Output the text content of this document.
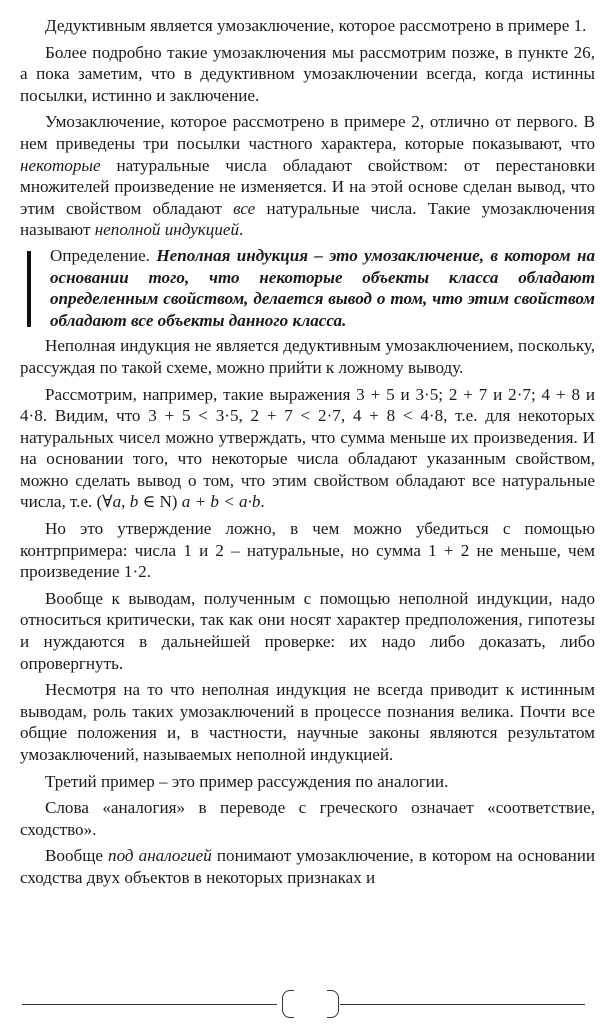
Дедуктивным является умозаключение, которое рассмотрено в примере 1.

Более подробно такие умозаключения мы рассмотрим позже, в пункте 26, а пока заметим, что в дедуктивном умозаключении всегда, когда истинны посылки, истинно и заключение.

Умозаключение, которое рассмотрено в примере 2, отлично от первого. В нем приведены три посылки частного характера, которые показывают, что некоторые натуральные числа обладают свойством: от перестановки множителей произведение не изменяется. И на этой основе сделан вывод, что этим свойством обладают все натуральные числа. Такие умозаключения называют неполной индукцией.

Определение. Неполная индукция – это умозаключение, в котором на основании того, что некоторые объекты класса обладают определенным свойством, делается вывод о том, что этим свойством обладают все объекты данного класса.

Неполная индукция не является дедуктивным умозаключением, поскольку, рассуждая по такой схеме, можно прийти к ложному выводу.

Рассмотрим, например, такие выражения 3 + 5 и 3·5; 2 + 7 и 2·7; 4 + 8 и 4·8. Видим, что 3 + 5 < 3·5, 2 + 7 < 2·7, 4 + 8 < 4·8, т.е. для некоторых натуральных чисел можно утверждать, что сумма меньше их произведения. И на основании того, что некоторые числа обладают указанным свойством, можно сделать вывод о том, что этим свойством обладают все натуральные числа, т.е. (∀a, b ∈ N) a + b < a·b.

Но это утверждение ложно, в чем можно убедиться с помощью контрпримера: числа 1 и 2 – натуральные, но сумма 1 + 2 не меньше, чем произведение 1·2.

Вообще к выводам, полученным с помощью неполной индукции, надо относиться критически, так как они носят характер предположения, гипотезы и нуждаются в дальнейшей проверке: их надо либо доказать, либо опровергнуть.

Несмотря на то что неполная индукция не всегда приводит к истинным выводам, роль таких умозаключений в процессе познания велика. Почти все общие положения и, в частности, научные законы являются результатом умозаключений, называемых неполной индукцией.

Третий пример – это пример рассуждения по аналогии.

Слова «аналогия» в переводе с греческого означает «соответствие, сходство».

Вообще под аналогией понимают умозаключение, в котором на основании сходства двух объектов в некоторых признаках и
